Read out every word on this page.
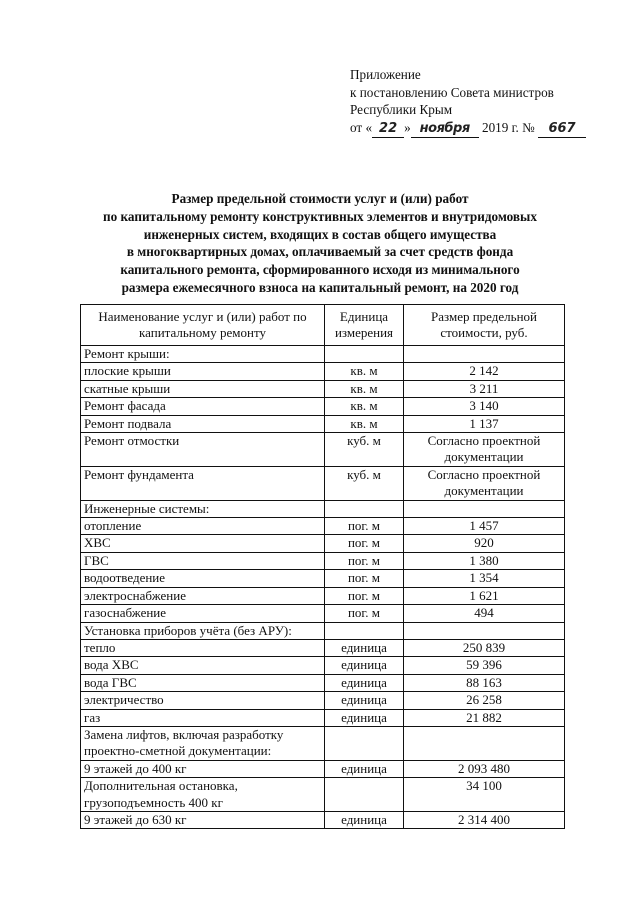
Приложение
к постановлению Совета министров
Республики Крым
от « 22 » ноября 2019 г. № 667
Размер предельной стоимости услуг и (или) работ
по капитальному ремонту конструктивных элементов и внутридомовых
инженерных систем, входящих в состав общего имущества
в многоквартирных домах, оплачиваемый за счет средств фонда
капитального ремонта, сформированного исходя из минимального
размера ежемесячного взноса на капитальный ремонт, на 2020 год
Наименование услуг и (или) работ по капитальному ремонту	Единица измерения	Размер предельной стоимости, руб.
Ремонт крыши:		
плоские крыши	кв. м	2 142
скатные крыши	кв. м	3 211
Ремонт фасада	кв. м	3 140
Ремонт подвала	кв. м	1 137
Ремонт отмостки	куб. м	Согласно проектной документации
Ремонт фундамента	куб. м	Согласно проектной документации
Инженерные системы:		
отопление	пог. м	1 457
ХВС	пог. м	920
ГВС	пог. м	1 380
водоотведение	пог. м	1 354
электроснабжение	пог. м	1 621
газоснабжение	пог. м	494
Установка приборов учёта (без АРУ):		
тепло	единица	250 839
вода ХВС	единица	59 396
вода ГВС	единица	88 163
электричество	единица	26 258
газ	единица	21 882
Замена лифтов, включая разработку проектно-сметной документации:		
9 этажей до 400 кг	единица	2 093 480
Дополнительная остановка, грузоподъемность 400 кг		34 100
9 этажей до 630 кг	единица	2 314 400
